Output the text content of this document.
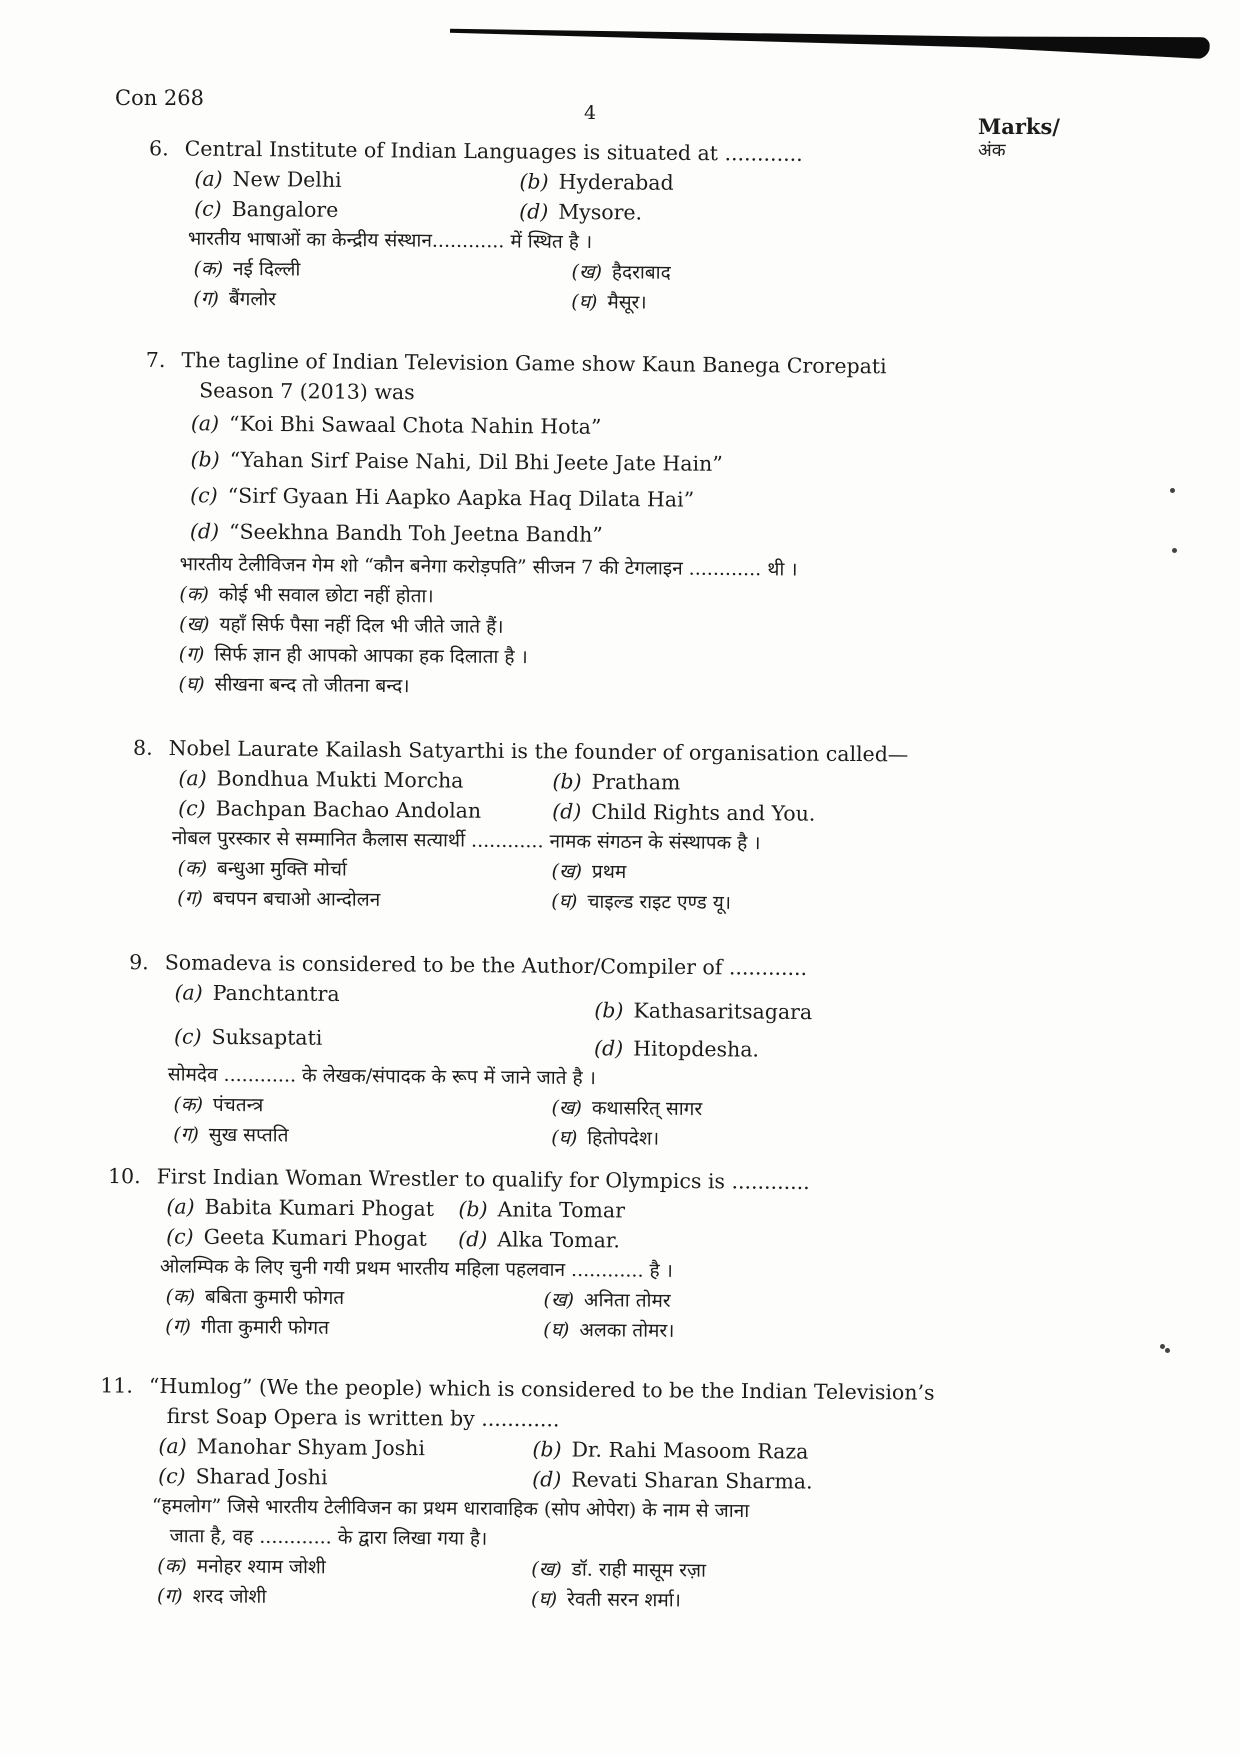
Con 268
4
Marks/
अंक
6. Central Institute of Indian Languages is situated at ............
(a) New Delhi	(b) Hyderabad
(c) Bangalore	(d) Mysore.
भारतीय भाषाओं का केन्द्रीय संस्थान............ में स्थित है ।
(क) नई दिल्ली	(ख) हैदराबाद
(ग) बैंगलोर	(घ) मैसूर।
7. The tagline of Indian Television Game show Kaun Banega Crorepati
Season 7 (2013) was
(a) “Koi Bhi Sawaal Chota Nahin Hota”
(b) “Yahan Sirf Paise Nahi, Dil Bhi Jeete Jate Hain”
(c) “Sirf Gyaan Hi Aapko Aapka Haq Dilata Hai”
(d) “Seekhna Bandh Toh Jeetna Bandh”
भारतीय टेलीविजन गेम शो “कौन बनेगा करोड़पति” सीजन 7 की टेगलाइन ............ थी ।
(क) कोई भी सवाल छोटा नहीं होता।
(ख) यहाँ सिर्फ पैसा नहीं दिल भी जीते जाते हैं।
(ग) सिर्फ ज्ञान ही आपको आपका हक दिलाता है ।
(घ) सीखना बन्द तो जीतना बन्द।
8. Nobel Laurate Kailash Satyarthi is the founder of organisation called—
(a) Bondhua Mukti Morcha	(b) Pratham
(c) Bachpan Bachao Andolan	(d) Child Rights and You.
नोबल पुरस्कार से सम्मानित कैलास सत्यार्थी ............ नामक संगठन के संस्थापक है ।
(क) बन्धुआ मुक्ति मोर्चा	(ख) प्रथम
(ग) बचपन बचाओ आन्दोलन	(घ) चाइल्ड राइट एण्ड यू।
9. Somadeva is considered to be the Author/Compiler of ............
(a) Panchtantra
(b) Kathasaritsagara
(c) Suksaptati	(d) Hitopdesha.
सोमदेव ............ के लेखक/संपादक के रूप में जाने जाते है ।
(क) पंचतन्त्र	(ख) कथासरित् सागर
(ग) सुख सप्तति	(घ) हितोपदेश।
10. First Indian Woman Wrestler to qualify for Olympics is ............
(a) Babita Kumari Phogat	(b) Anita Tomar
(c) Geeta Kumari Phogat	(d) Alka Tomar.
ओलम्पिक के लिए चुनी गयी प्रथम भारतीय महिला पहलवान ............ है ।
(क) बबिता कुमारी फोगत	(ख) अनिता तोमर
(ग) गीता कुमारी फोगत	(घ) अलका तोमर।
11. “Humlog” (We the people) which is considered to be the Indian Television’s
first Soap Opera is written by ............
(a) Manohar Shyam Joshi	(b) Dr. Rahi Masoom Raza
(c) Sharad Joshi	(d) Revati Sharan Sharma.
“हमलोग” जिसे भारतीय टेलीविजन का प्रथम धारावाहिक (सोप ओपेरा) के नाम से जाना
जाता है, वह ............ के द्वारा लिखा गया है।
(क) मनोहर श्याम जोशी	(ख) डॉ. राही मासूम रज़ा
(ग) शरद जोशी	(घ) रेवती सरन शर्मा।
